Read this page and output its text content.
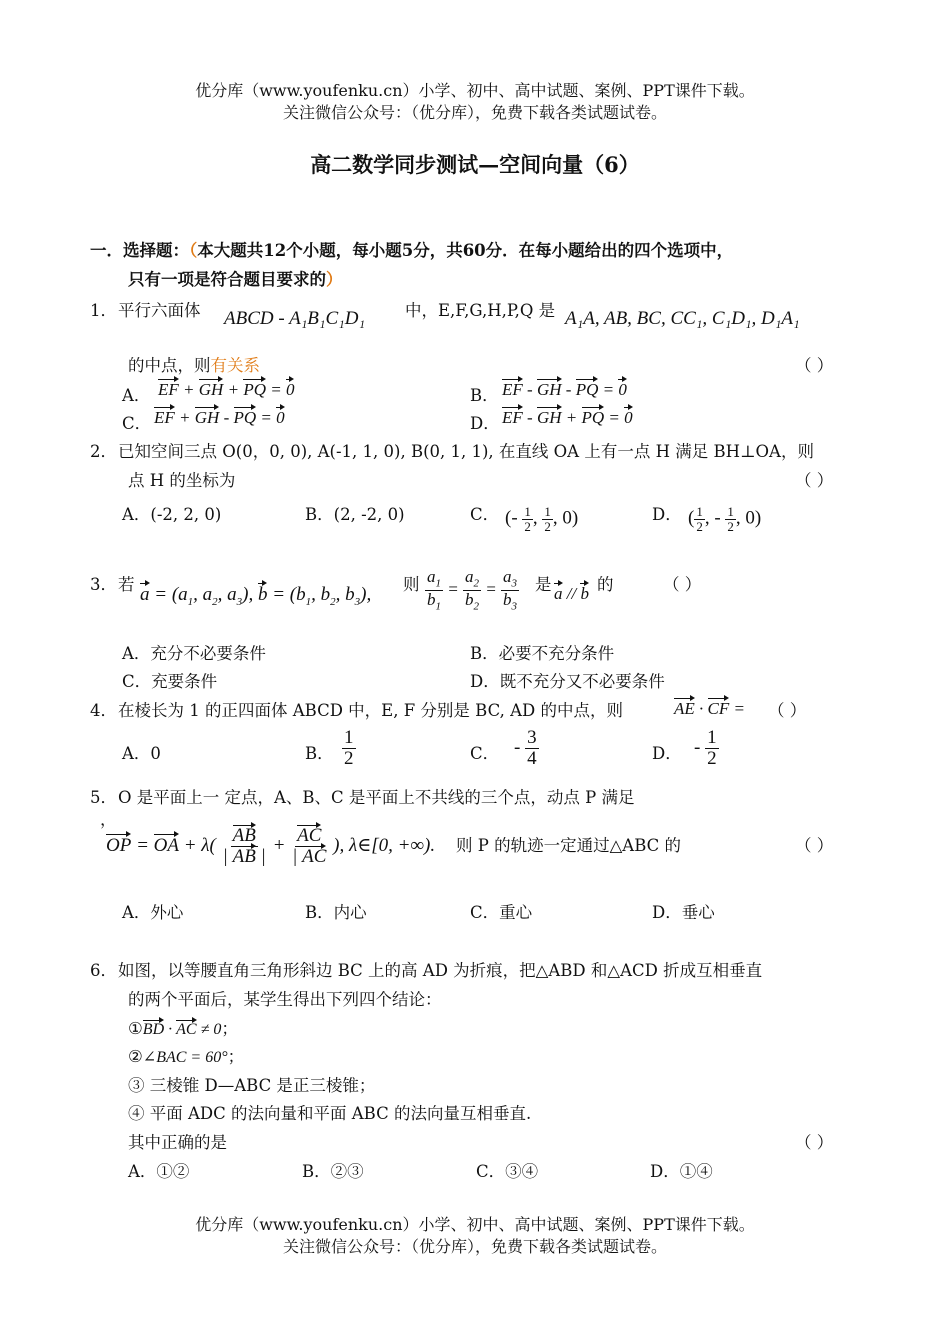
优分库（www.youfenku.cn）小学、初中、高中试题、案例、PPT课件下载。
关注微信公众号：（优分库），免费下载各类试题试卷。
高二数学同步测试—空间向量（6）
一．选择题：（本大题共12个小题，每小题5分，共60分．在每小题给出的四个选项中，
只有一项是符合题目要求的）
1． 平行六面体 ABCD - A₁B₁C₁D₁ 中，E,F,G,H,P,Q 是 A₁A, AB, BC, CC₁, C₁D₁, D₁A₁
的中点，则有关系	（ ）
A． EF + GH + PQ = 0	B． EF - GH - PQ = 0
C． EF + GH - PQ = 0	D． EF - GH + PQ = 0
2． 已知空间三点 O(0，0, 0), A(-1, 1, 0), B(0, 1, 1), 在直线 OA 上有一点 H 满足 BH⊥OA，则
点 H 的坐标为	（ ）
A．(-2, 2, 0)	B．(2, -2, 0)	C． (- $\frac{1}{2}$ , $\frac{1}{2}$ , 0)	D． ( $\frac{1}{2}$ , - $\frac{1}{2}$ , 0)
3． 若 $a = (a_1$, $a_2$, $a_3$), $b = (b_1$, $b_2$, $b_3$), 则 $\frac{a_1}{b_1} = \frac{a_2}{b_2} = \frac{a_3}{b_3}$ 是 a // b 的	（ ）
A．充分不必要条件	B．必要不充分条件
C．充要条件	D．既不充分又不必要条件
4． 在棱长为 1 的正四面体 ABCD 中，E, F 分别是 BC, AD 的中点，则	AE · CF = （ ）
A．0	B． $\frac{1}{2}$	C． - $\frac{3}{4}$	D． - $\frac{1}{2}$
5． O 是平面上一 定点，A、B、C 是平面上不共线的三个点，动点 P 满足
，
OP = OA + $\lambda( \frac{AB}{| AB |} + \frac{AC}{| AC}$ ), λ∈[0, +∞). 则 P 的轨迹一定通过△ABC 的	（ ）
A．外心	B．内心	C．重心	D．垂心
6． 如图，以等腰直角三角形斜边 BC 上的高 AD 为折痕，把△ABD 和△ACD 折成互相垂直
的两个平面后，某学生得出下列四个结论：
①BD · AC ≠ 0；
②∠BAC = 60°；
③ 三棱锥 D—ABC 是正三棱锥；
④ 平面 ADC 的法向量和平面 ABC 的法向量互相垂直.
其中正确的是	（ ）
A．①②	B．②③	C．③④	D．①④
优分库（www.youfenku.cn）小学、初中、高中试题、案例、PPT课件下载。
关注微信公众号：（优分库），免费下载各类试题试卷。
